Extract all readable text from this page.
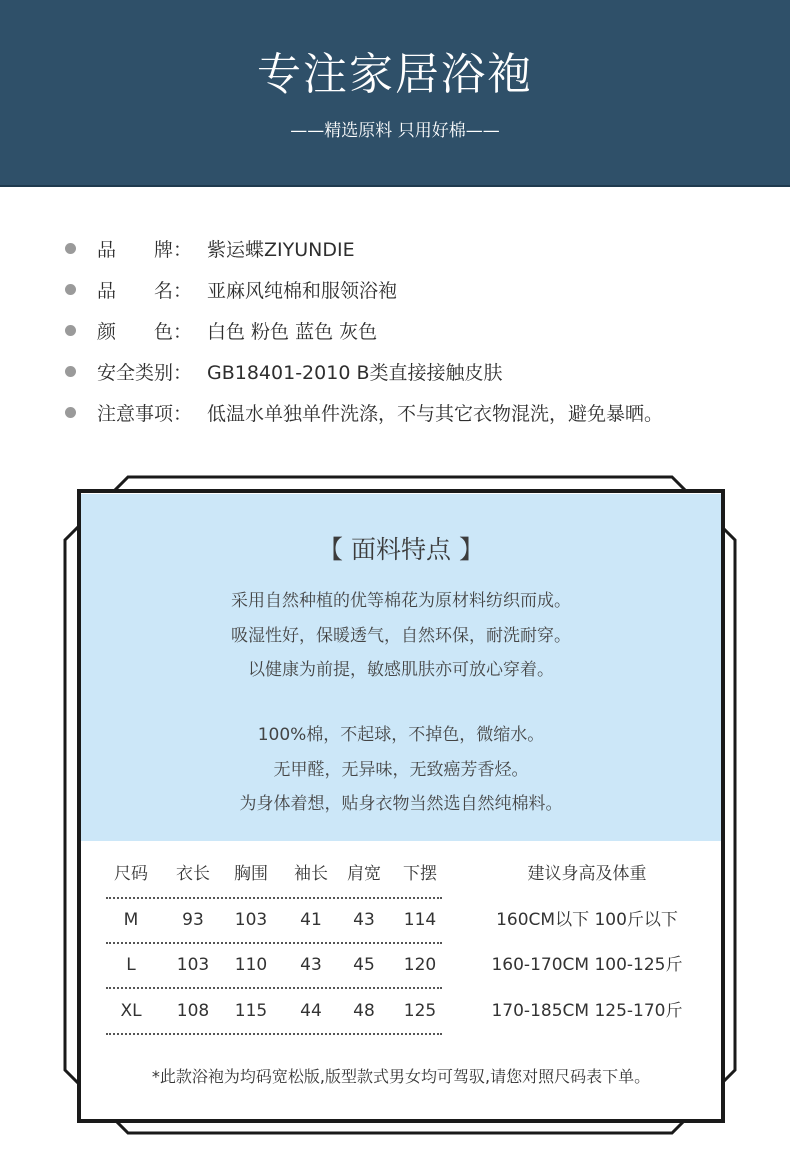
专注家居浴袍
——精选原料 只用好棉——
品　　牌： 紫运蝶ZIYUNDIE
品　　名： 亚麻风纯棉和服领浴袍
颜　　色： 白色 粉色 蓝色 灰色
安全类别： GB18401-2010 B类直接接触皮肤
注意事项： 低温水单独单件洗涤，不与其它衣物混洗，避免暴晒。
【 面料特点 】
采用自然种植的优等棉花为原材料纺织而成。
吸湿性好，保暖透气，自然环保，耐洗耐穿。
以健康为前提，敏感肌肤亦可放心穿着。
100%棉，不起球，不掉色，微缩水。
无甲醛，无异味，无致癌芳香烃。
为身体着想，贴身衣物当然选自然纯棉料。
尺码	衣长	胸围	袖长	肩宽	下摆	建议身高及体重
M	93	103	41	43	114	160CM以下 100斤以下
L	103	110	43	45	120	160-170CM 100-125斤
XL	108	115	44	48	125	170-185CM 125-170斤
*此款浴袍为均码宽松版,版型款式男女均可驾驭,请您对照尺码表下单。
